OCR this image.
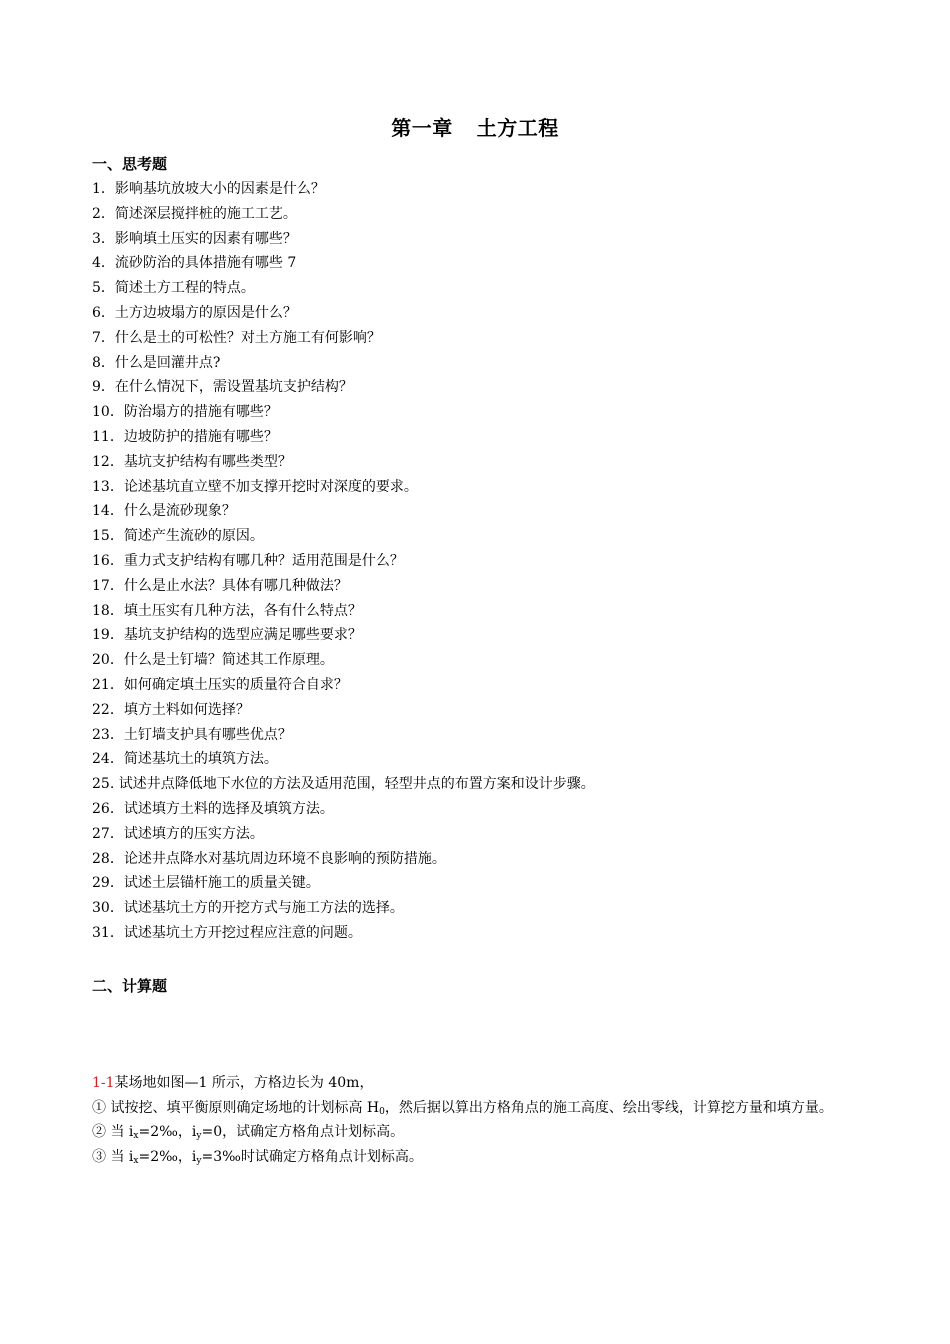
第一章 土方工程
一、思考题
1．影响基坑放坡大小的因素是什么？
2．简述深层搅拌桩的施工工艺。
3．影响填土压实的因素有哪些？
4．流砂防治的具体措施有哪些 7
5．简述土方工程的特点。
6．土方边坡塌方的原因是什么？
7．什么是土的可松性？对土方施工有何影响？
8．什么是回灌井点?
9．在什么情况下，需设置基坑支护结构？
10．防治塌方的措施有哪些？
11．边坡防护的措施有哪些？
12．基坑支护结构有哪些类型？
13．论述基坑直立壁不加支撑开挖时对深度的要求。
14．什么是流砂现象？
15．简述产生流砂的原因。
16．重力式支护结构有哪几种？适用范围是什么？
17．什么是止水法？具体有哪几种做法？
18．填土压实有几种方法，各有什么特点？
19．基坑支护结构的选型应满足哪些要求？
20．什么是土钉墙？简述其工作原理。
21．如何确定填土压实的质量符合自求？
22．填方土料如何选择？
23．土钉墙支护具有哪些优点？
24．简述基坑土的填筑方法。
25. 试述井点降低地下水位的方法及适用范围，轻型井点的布置方案和设计步骤。
26．试述填方土料的选择及填筑方法。
27．试述填方的压实方法。
28．论述井点降水对基坑周边环境不良影响的预防措施。
29．试述土层锚杆施工的质量关键。
30．试述基坑土方的开挖方式与施工方法的选择。
31．试述基坑土方开挖过程应注意的问题。
二、计算题

1-1某场地如图—1 所示，方格边长为 40m，

① 试按挖、填平衡原则确定场地的计划标高 $H_0$，然后据以算出方格角点的施工高度、绘出零线，计算挖方量和填方量。

② 当 $i_x=2‰$，$i_y=0$，试确定方格角点计划标高。

③ 当 $i_x=2‰$，$i_y=3‰$时试确定方格角点计划标高。
